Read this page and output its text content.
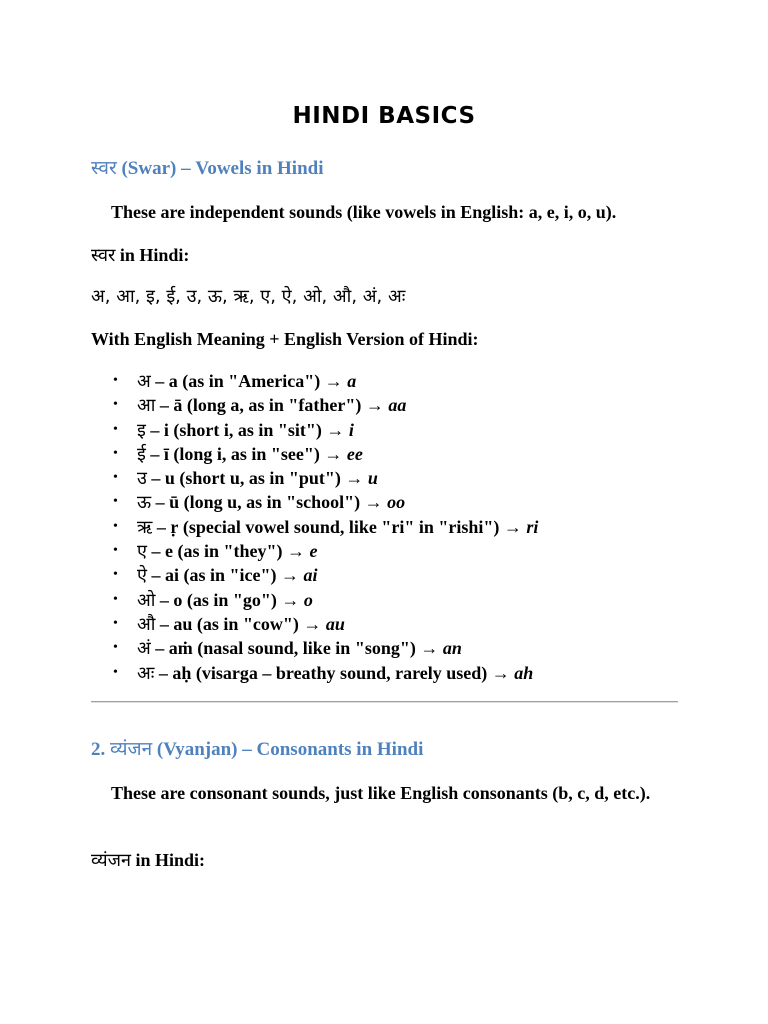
HINDI BASICS
स्वर (Swar) – Vowels in Hindi
These are independent sounds (like vowels in English: a, e, i, o, u).
स्वर in Hindi:
अ, आ, इ, ई, उ, ऊ, ऋ, ए, ऐ, ओ, औ, अं, अः
With English Meaning + English Version of Hindi:
• अ – a (as in "America") → a
• आ – ā (long a, as in "father") → aa
• इ – i (short i, as in "sit") → i
• ई – ī (long i, as in "see") → ee
• उ – u (short u, as in "put") → u
• ऊ – ū (long u, as in "school") → oo
• ऋ – ṛ (special vowel sound, like "ri" in "rishi") → ri
• ए – e (as in "they") → e
• ऐ – ai (as in "ice") → ai
• ओ – o (as in "go") → o
• औ – au (as in "cow") → au
• अं – aṁ (nasal sound, like in "song") → an
• अः – aḥ (visarga – breathy sound, rarely used) → ah
2. व्यंजन (Vyanjan) – Consonants in Hindi
These are consonant sounds, just like English consonants (b, c, d, etc.).
व्यंजन in Hindi:
